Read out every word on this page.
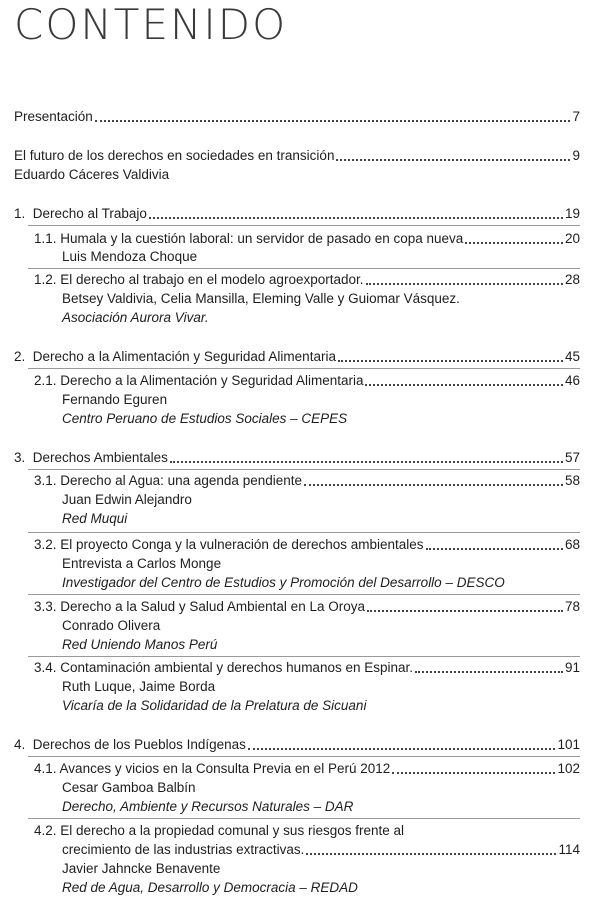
CONTENIDO
Presentación	7
El futuro de los derechos en sociedades en transición	9
Eduardo Cáceres Valdivia
1. Derecho al Trabajo	19
1.1. Humala y la cuestión laboral: un servidor de pasado en copa nueva	20
Luis Mendoza Choque
1.2. El derecho al trabajo en el modelo agroexportador.	28
Betsey Valdivia, Celia Mansilla, Eleming Valle y Guiomar Vásquez.
Asociación Aurora Vivar.
2. Derecho a la Alimentación y Seguridad Alimentaria	45
2.1. Derecho a la Alimentación y Seguridad Alimentaria	46
Fernando Eguren
Centro Peruano de Estudios Sociales – CEPES
3. Derechos Ambientales	57
3.1. Derecho al Agua: una agenda pendiente	58
Juan Edwin Alejandro
Red Muqui
3.2. El proyecto Conga y la vulneración de derechos ambientales	68
Entrevista a Carlos Monge
Investigador del Centro de Estudios y Promoción del Desarrollo – DESCO
3.3. Derecho a la Salud y Salud Ambiental en La Oroya	78
Conrado Olivera
Red Uniendo Manos Perú
3.4. Contaminación ambiental y derechos humanos en Espinar.	91
Ruth Luque, Jaime Borda
Vicaría de la Solidaridad de la Prelatura de Sicuani
4. Derechos de los Pueblos Indígenas	101
4.1. Avances y vicios en la Consulta Previa en el Perú 2012	102
Cesar Gamboa Balbín
Derecho, Ambiente y Recursos Naturales – DAR
4.2. El derecho a la propiedad comunal y sus riesgos frente al
crecimiento de las industrias extractivas.	114
Javier Jahncke Benavente
Red de Agua, Desarrollo y Democracia – REDAD
